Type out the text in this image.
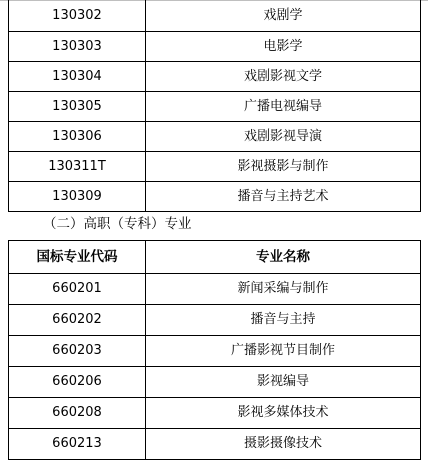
130302	戏剧学
130303	电影学
130304	戏剧影视文学
130305	广播电视编导
130306	戏剧影视导演
130311T	影视摄影与制作
130309	播音与主持艺术
（二）高职（专科）专业
国标专业代码	专业名称
660201	新闻采编与制作
660202	播音与主持
660203	广播影视节目制作
660206	影视编导
660208	影视多媒体技术
660213	摄影摄像技术
